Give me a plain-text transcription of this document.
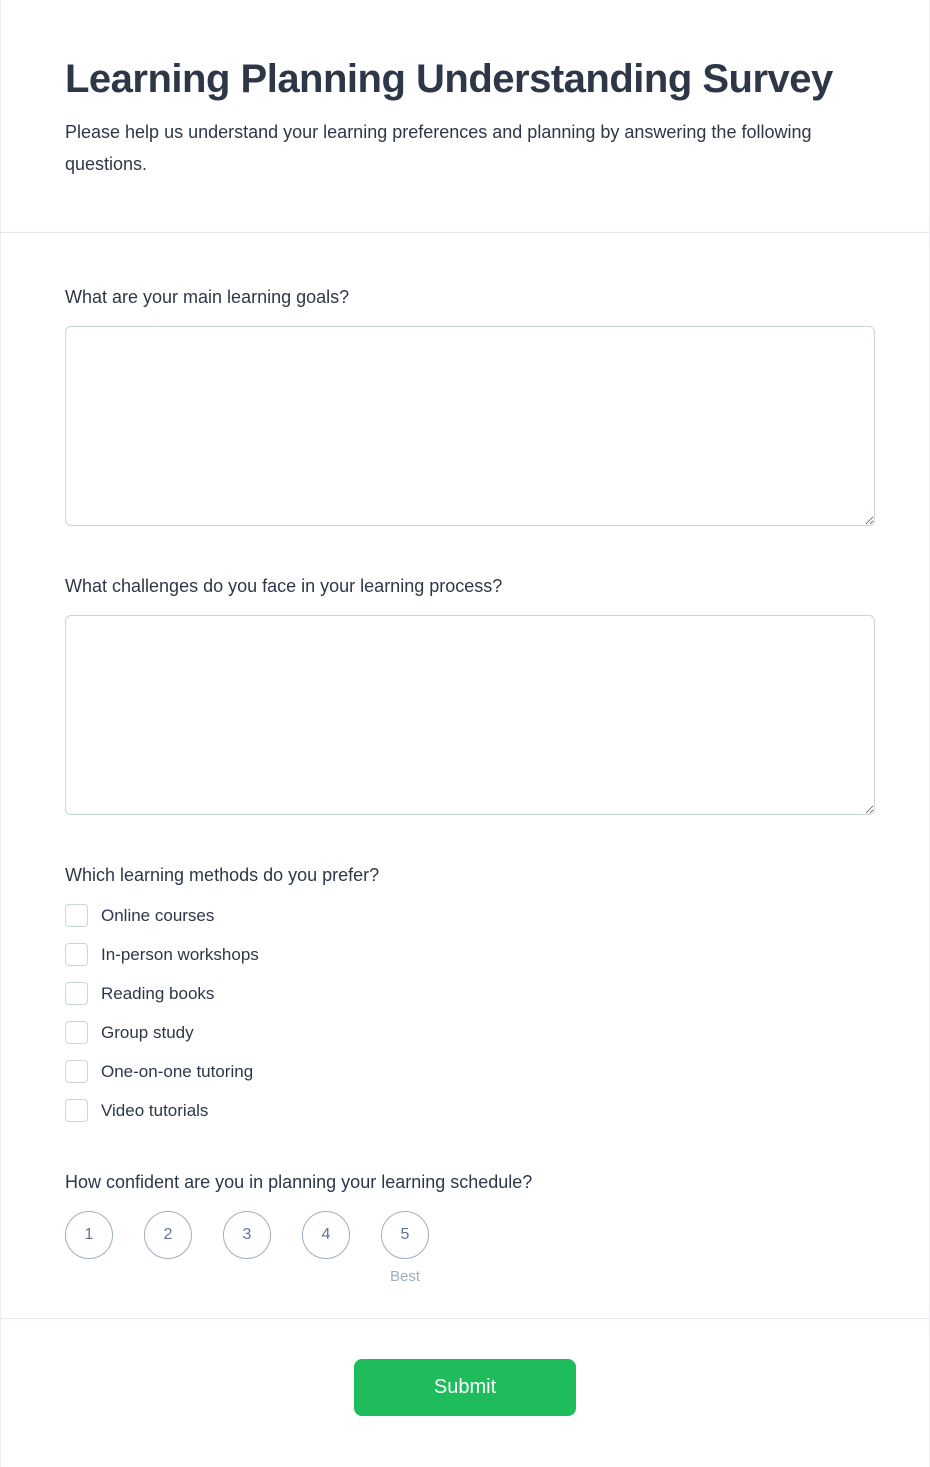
Learning Planning Understanding Survey

Please help us understand your learning preferences and planning by answering the following questions.

What are your main learning goals?
What challenges do you face in your learning process?
Which learning methods do you prefer?
Online courses
In-person workshops
Reading books
Group study
One-on-one tutoring
Video tutorials
How confident are you in planning your learning schedule?
1	2	3	4	5
Best
Submit
